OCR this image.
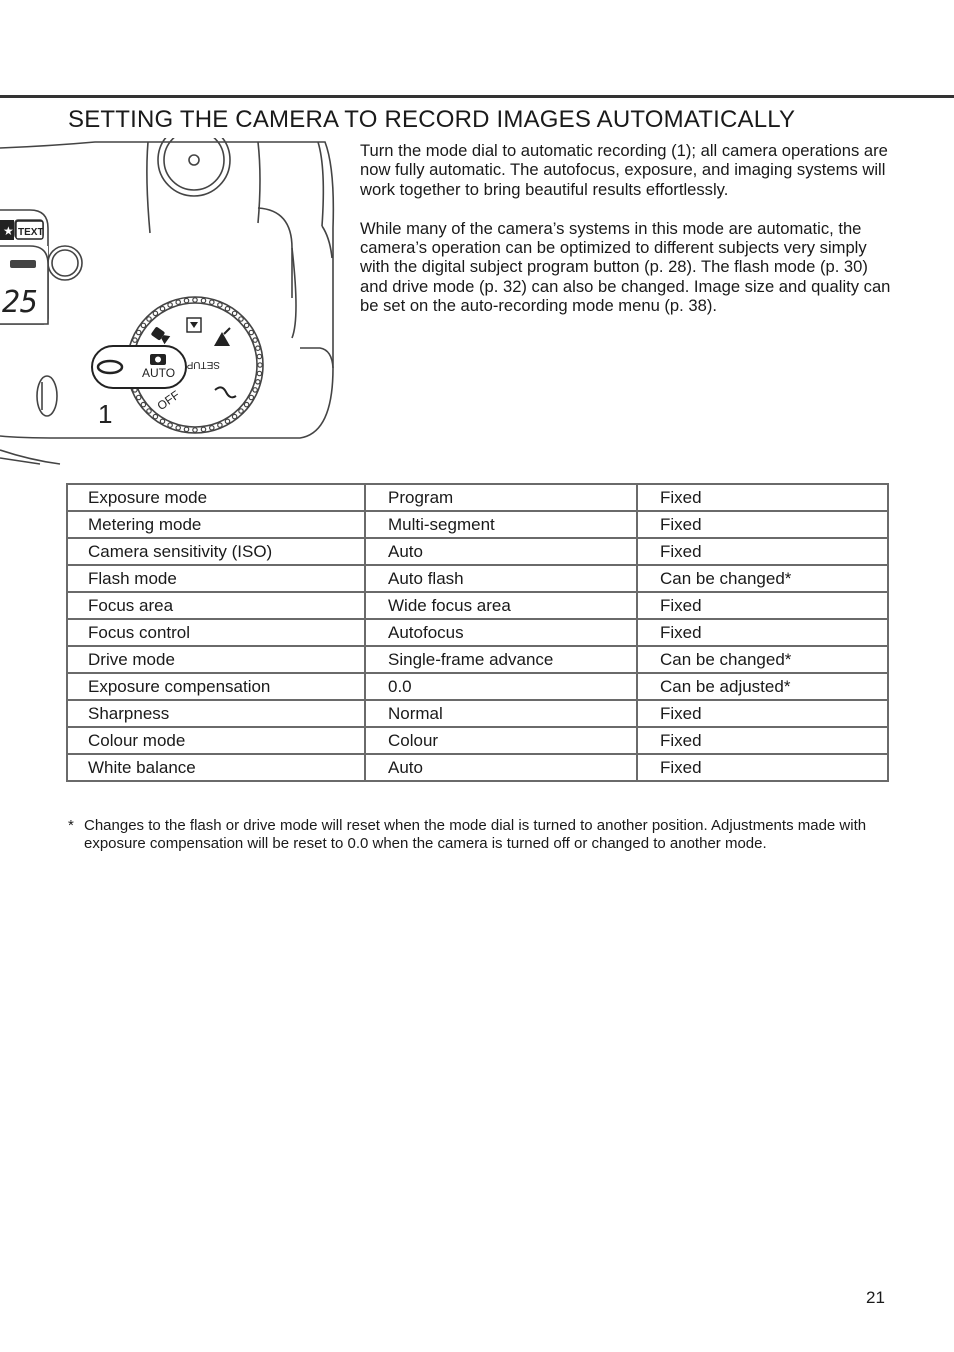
SETTING THE CAMERA TO RECORD IMAGES AUTOMATICALLY
25
★ TEXT
SETUP
OFF
AUTO
1

Turn the mode dial to automatic recording (1); all camera operations are now fully automatic. The autofocus, exposure, and imaging systems will work together to bring beautiful results effortlessly.

While many of the camera’s systems in this mode are automatic, the camera’s operation can be optimized to different subjects very simply with the digital subject program button (p. 28). The flash mode (p. 30) and drive mode (p. 32) can also be changed. Image size and quality can be set on the auto-recording mode menu (p. 38).

Exposure mode	Program	Fixed
Metering mode	Multi-segment	Fixed
Camera sensitivity (ISO)	Auto	Fixed
Flash mode	Auto flash	Can be changed*
Focus area	Wide focus area	Fixed
Focus control	Autofocus	Fixed
Drive mode	Single-frame advance	Can be changed*
Exposure compensation	0.0	Can be adjusted*
Sharpness	Normal	Fixed
Colour mode	Colour	Fixed
White balance	Auto	Fixed
* Changes to the flash or drive mode will reset when the mode dial is turned to another position. Adjustments made with exposure compensation will be reset to 0.0 when the camera is turned off or changed to another mode.
21
